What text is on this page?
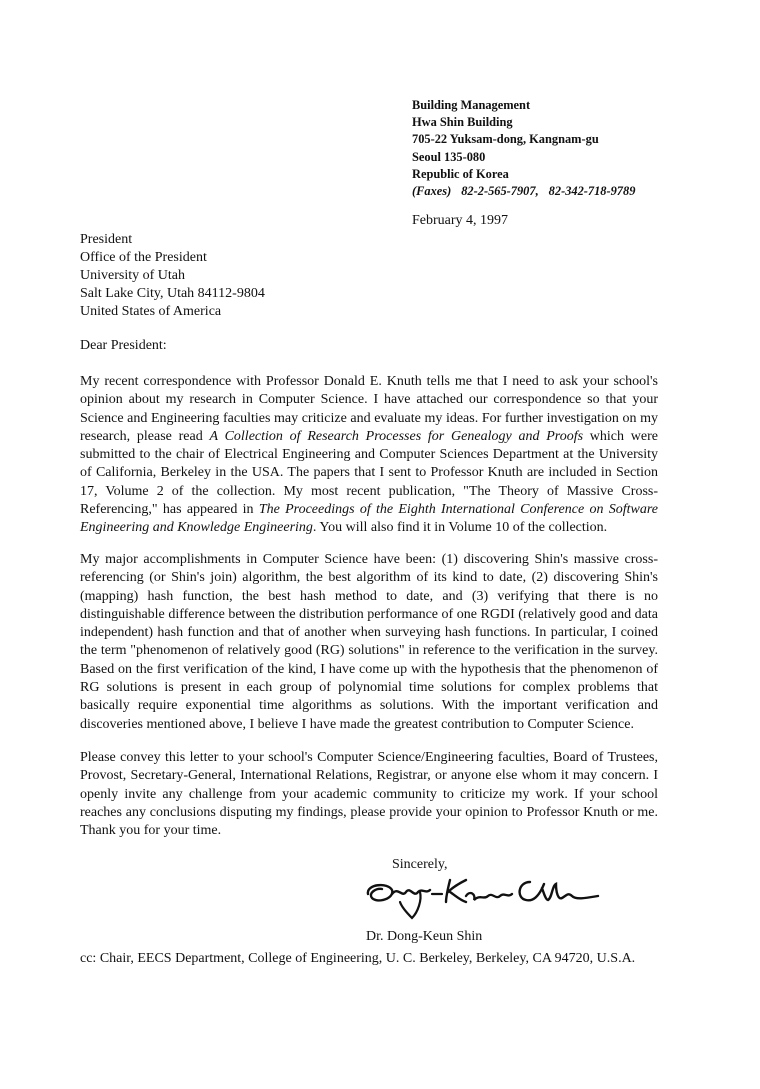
Building Management
Hwa Shin Building
705-22 Yuksam-dong, Kangnam-gu
Seoul 135-080
Republic of Korea
(Faxes) 82-2-565-7907, 82-342-718-9789
February 4, 1997
President
Office of the President
University of Utah
Salt Lake City, Utah 84112-9804
United States of America
Dear President:
My recent correspondence with Professor Donald E. Knuth tells me that I need to ask your school's opinion about my research in Computer Science. I have attached our correspondence so that your Science and Engineering faculties may criticize and evaluate my ideas. For further investigation on my research, please read A Collection of Research Processes for Genealogy and Proofs which were submitted to the chair of Electrical Engineering and Computer Sciences Department at the University of California, Berkeley in the USA. The papers that I sent to Professor Knuth are included in Section 17, Volume 2 of the collection. My most recent publication, "The Theory of Massive Cross-Referencing," has appeared in The Proceedings of the Eighth International Conference on Software Engineering and Knowledge Engineering. You will also find it in Volume 10 of the collection.
My major accomplishments in Computer Science have been: (1) discovering Shin's massive cross-referencing (or Shin's join) algorithm, the best algorithm of its kind to date, (2) discovering Shin's (mapping) hash function, the best hash method to date, and (3) verifying that there is no distinguishable difference between the distribution performance of one RGDI (relatively good and data independent) hash function and that of another when surveying hash functions. In particular, I coined the term "phenomenon of relatively good (RG) solutions" in reference to the verification in the survey. Based on the first verification of the kind, I have come up with the hypothesis that the phenomenon of RG solutions is present in each group of polynomial time solutions for complex problems that basically require exponential time algorithms as solutions. With the important verification and discoveries mentioned above, I believe I have made the greatest contribution to Computer Science.
Please convey this letter to your school's Computer Science/Engineering faculties, Board of Trustees, Provost, Secretary-General, International Relations, Registrar, or anyone else whom it may concern. I openly invite any challenge from your academic community to criticize my work. If your school reaches any conclusions disputing my findings, please provide your opinion to Professor Knuth or me. Thank you for your time.
Sincerely,
Dr. Dong-Keun Shin
cc: Chair, EECS Department, College of Engineering, U. C. Berkeley, Berkeley, CA 94720, U.S.A.
